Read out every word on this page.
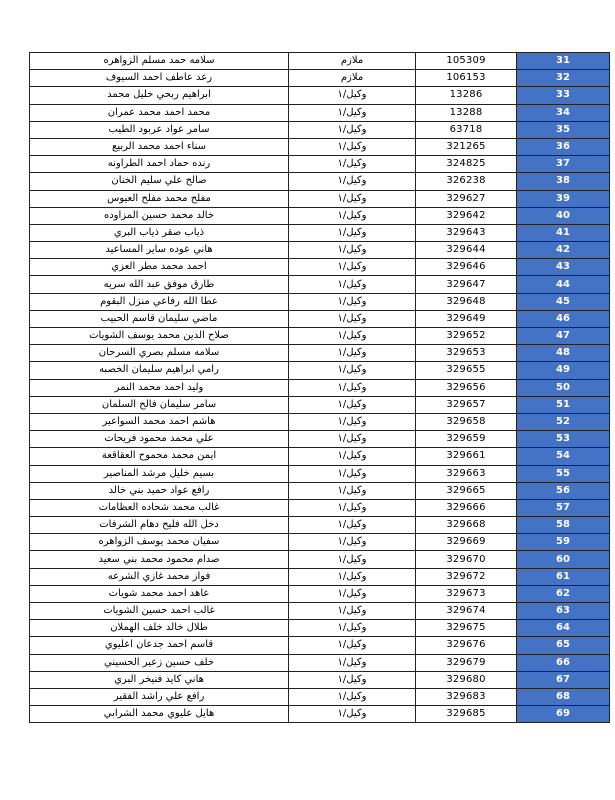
سلامه حمد مسلم الزواهره	ملازم	105309	31
رعد عاطف احمد السيوف	ملازم	106153	32
ابراهيم ربحي خليل محمد	وكيل/١	13286	33
محمد احمد محمد عمران	وكيل/١	13288	34
سامر عواد عربود الطيب	وكيل/١	63718	35
سناء احمد محمد الربيع	وكيل/١	321265	36
رنده حماد احمد الطراونه	وكيل/١	324825	37
صالح علي سليم الخنان	وكيل/١	326238	38
مفلح محمد مفلح العيوس	وكيل/١	329627	39
خالد محمد حسين المزاوده	وكيل/١	329642	40
ذياب صقر ذياب البري	وكيل/١	329643	41
هاني عوده ساير المساعيد	وكيل/١	329644	42
احمد محمد مطر العزي	وكيل/١	329646	43
طارق موفق عبد الله سريه	وكيل/١	329647	44
عطا الله رفاعي منزل البقوم	وكيل/١	329648	45
ماضي سليمان قاسم الحبيب	وكيل/١	329649	46
صلاح الدين محمد يوسف الشويات	وكيل/١	329652	47
سلامه مسلم بصري السرحان	وكيل/١	329653	48
رامي ابراهيم سليمان الخصبه	وكيل/١	329655	49
وليد احمد محمد النمر	وكيل/١	329656	50
سامر سليمان فالح السلمان	وكيل/١	329657	51
هاشم احمد محمد السواعير	وكيل/١	329658	52
علي محمد محمود فريحات	وكيل/١	329659	53
ايمن محمد محموح العقاقعة	وكيل/١	329661	54
بسيم خليل مرشد المناصير	وكيل/١	329663	55
رافع عواد حميد بني خالد	وكيل/١	329665	56
غالب محمد شحاده العظامات	وكيل/١	329666	57
دخل الله فليح دهام الشرفات	وكيل/١	329668	58
سفيان محمد يوسف الزواهره	وكيل/١	329669	59
صدام محمود محمد بني سعيد	وكيل/١	329670	60
فواز محمد غازي الشرعه	وكيل/١	329672	61
عاهد احمد محمد شويات	وكيل/١	329673	62
غالب احمد حسين الشويات	وكيل/١	329674	63
طلال خالد خلف الهملان	وكيل/١	329675	64
قاسم احمد جدعان اعليوي	وكيل/١	329676	65
خلف حسين زعير الحسيني	وكيل/١	329679	66
هاني كايد فنيخر البري	وكيل/١	329680	67
رافع علي راشد الفقير	وكيل/١	329683	68
هايل عليوي محمد الشرابي	وكيل/١	329685	69
